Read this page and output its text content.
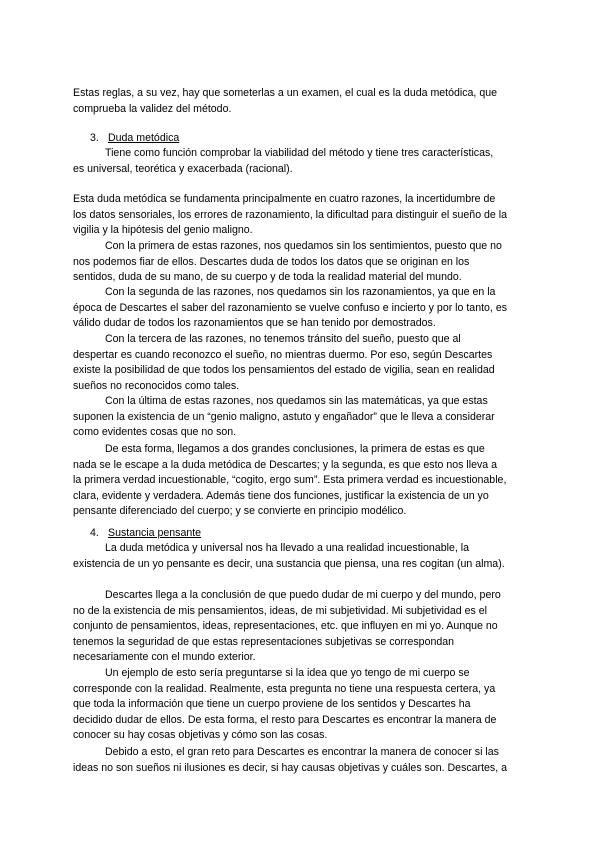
Estas reglas, a su vez, hay que someterlas a un examen, el cual es la duda metódica, que
comprueba la validez del método.
3. Duda metódica
Tiene como función comprobar la viabilidad del método y tiene tres características,
es universal, teorética y exacerbada (racional).
Esta duda metódica se fundamenta principalmente en cuatro razones, la incertidumbre de
los datos sensoriales, los errores de razonamiento, la dificultad para distinguir el sueño de la
vigilia y la hipótesis del genio maligno.
Con la primera de estas razones, nos quedamos sin los sentimientos, puesto que no
nos podemos fiar de ellos. Descartes duda de todos los datos que se originan en los
sentidos, duda de su mano, de su cuerpo y de toda la realidad material del mundo.
Con la segunda de las razones, nos quedamos sin los razonamientos, ya que en la
época de Descartes el saber del razonamiento se vuelve confuso e incierto y por lo tanto, es
válido dudar de todos los razonamientos que se han tenido por demostrados.
Con la tercera de las razones, no tenemos tránsito del sueño, puesto que al
despertar es cuando reconozco el sueño, no mientras duermo. Por eso, según Descartes
existe la posibilidad de que todos los pensamientos del estado de vigilia, sean en realidad
sueños no reconocidos como tales.
Con la última de estas razones, nos quedamos sin las matemáticas, ya que estas
suponen la existencia de un “genio maligno, astuto y engañador” que le lleva a considerar
como evidentes cosas que no son.
De esta forma, llegamos a dos grandes conclusiones, la primera de estas es que
nada se le escape a la duda metódica de Descartes; y la segunda, es que esto nos lleva a
la primera verdad incuestionable, “cogito, ergo sum”. Esta primera verdad es incuestionable,
clara, evidente y verdadera. Además tiene dos funciones, justificar la existencia de un yo
pensante diferenciado del cuerpo; y se convierte en principio modélico.
4. Sustancia pensante
La duda metódica y universal nos ha llevado a una realidad incuestionable, la
existencia de un yo pensante es decir, una sustancia que piensa, una res cogitan (un alma).
Descartes llega a la conclusión de que puedo dudar de mi cuerpo y del mundo, pero
no de la existencia de mis pensamientos, ideas, de mi subjetividad. Mi subjetividad es el
conjunto de pensamientos, ideas, representaciones, etc. que influyen en mi yo. Aunque no
tenemos la seguridad de que estas representaciones subjetivas se correspondan
necesariamente con el mundo exterior.
Un ejemplo de esto sería preguntarse si la idea que yo tengo de mi cuerpo se
corresponde con la realidad. Realmente, esta pregunta no tiene una respuesta certera, ya
que toda la información que tiene un cuerpo proviene de los sentidos y Descartes ha
decidido dudar de ellos. De esta forma, el resto para Descartes es encontrar la manera de
conocer su hay cosas objetivas y cómo son las cosas.
Debido a esto, el gran reto para Descartes es encontrar la manera de conocer si las
ideas no son sueños ni ilusiones es decir, si hay causas objetivas y cuáles son. Descartes, a
